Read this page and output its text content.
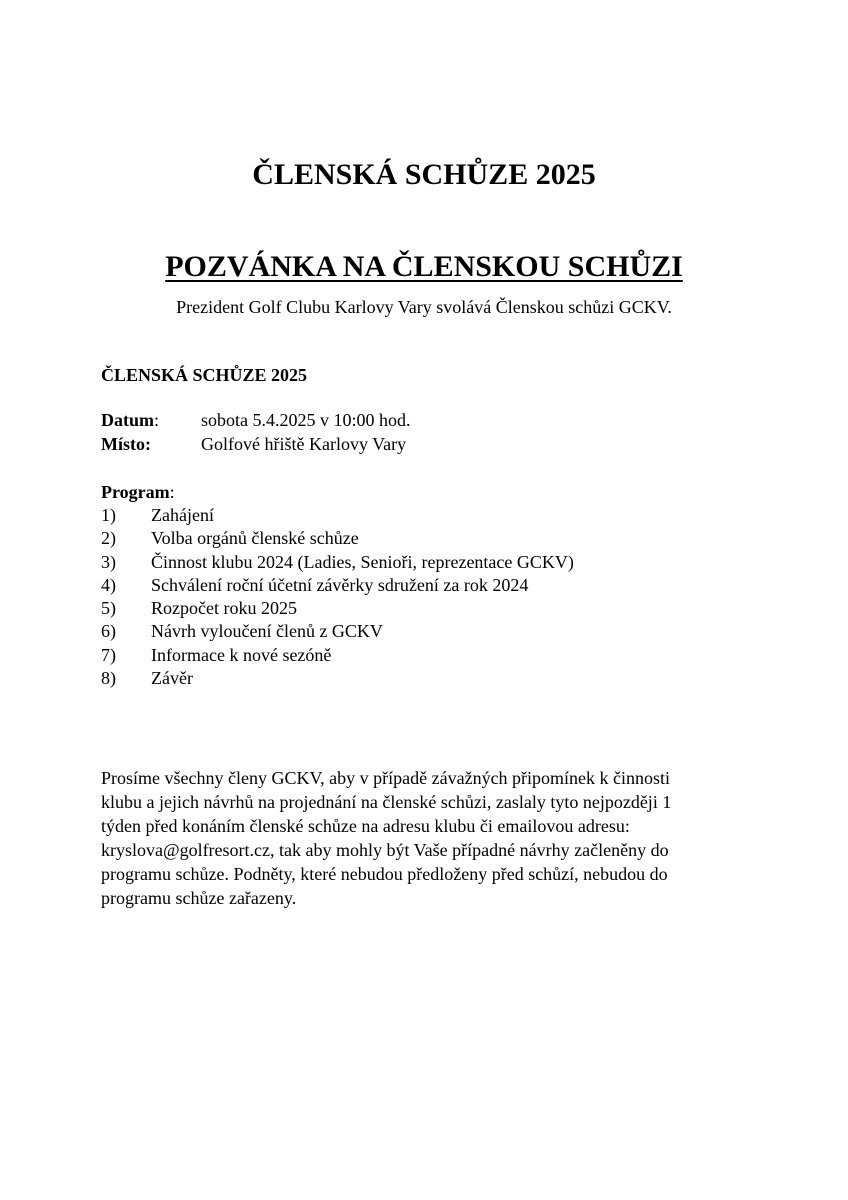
ČLENSKÁ SCHŮZE 2025
POZVÁNKA NA ČLENSKOU SCHŮZI

Prezident Golf Clubu Karlovy Vary svolává Členskou schůzi GCKV.

ČLENSKÁ SCHŮZE 2025

Datum: sobota 5.4.2025 v 10:00 hod.
Místo:	Golfové hřiště Karlovy Vary
Program:
1) Zahájení
2) Volba orgánů členské schůze
3) Činnost klubu 2024 (Ladies, Senioři, reprezentace GCKV)
4) Schválení roční účetní závěrky sdružení za rok 2024
5) Rozpočet roku 2025
6) Návrh vyloučení členů z GCKV
7) Informace k nové sezóně
8) Závěr
Prosíme všechny členy GCKV, aby v případě závažných připomínek k činnosti
klubu a jejich návrhů na projednání na členské schůzi, zaslaly tyto nejpozději 1
týden před konáním členské schůze na adresu klubu či emailovou adresu:
kryslova@golfresort.cz, tak aby mohly být Vaše případné návrhy začleněny do
programu schůze. Podněty, které nebudou předloženy před schůzí, nebudou do
programu schůze zařazeny.
